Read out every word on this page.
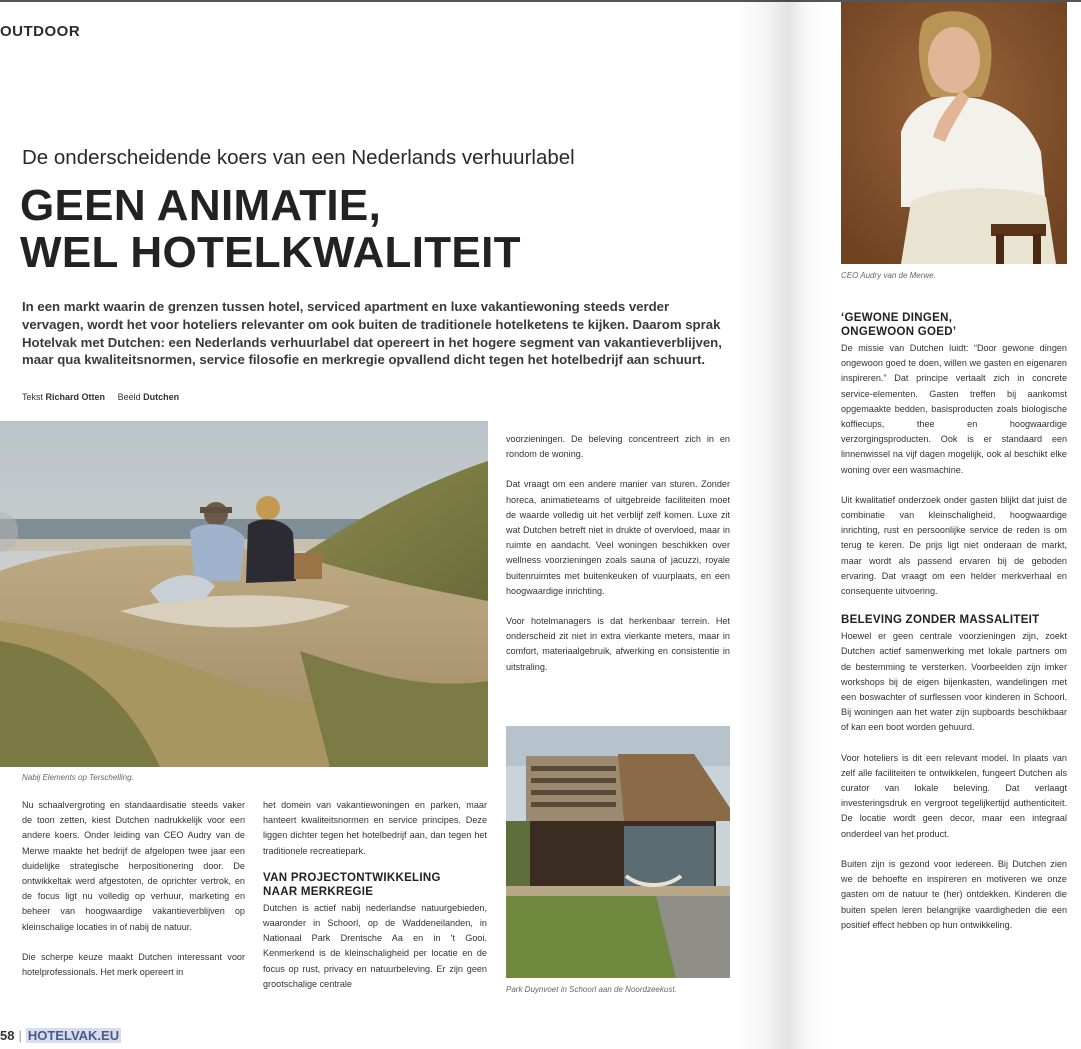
OUTDOOR
De onderscheidende koers van een Nederlands verhuurlabel
GEEN ANIMATIE,
WEL HOTELKWALITEIT
In een markt waarin de grenzen tussen hotel, serviced apartment en luxe vakantiewoning steeds verder vervagen, wordt het voor hoteliers relevanter om ook buiten de traditionele hotelketens te kijken. Daarom sprak Hotelvak met Dutchen: een Nederlands verhuurlabel dat opereert in het hogere segment van vakantieverblijven, maar qua kwaliteitsnormen, service filosofie en merkregie opvallend dicht tegen het hotelbedrijf aan schuurt.
Tekst Richard Otten Beeld Dutchen
Nabij Elements op Terschelling.

Nu schaalvergroting en standaardisatie steeds vaker de toon zetten, kiest Dutchen nadrukkelijk voor een andere koers. Onder leiding van CEO Audry van de Merwe maakte het bedrijf de afgelopen twee jaar een duidelijke strategische herpositionering door. De ontwikkeltak werd afgestoten, de oprichter vertrok, en de focus ligt nu volledig op verhuur, marketing en beheer van hoogwaardige vakantieverblijven op kleinschalige locaties in of nabij de natuur.

Die scherpe keuze maakt Dutchen interessant voor hotelprofessionals. Het merk opereert in

het domein van vakantiewoningen en parken, maar hanteert kwaliteitsnormen en service principes. Deze liggen dichter tegen het hotelbedrijf aan, dan tegen het traditionele recreatiepark.

VAN PROJECTONTWIKKELING
NAAR MERKREGIE

Dutchen is actief nabij nederlandse natuurgebieden, waaronder in Schoorl, op de Waddeneilanden, in Nationaal Park Drentsche Aa en in 't Gooi. Kenmerkend is de kleinschaligheid per locatie en de focus op rust, privacy en natuurbeleving. Er zijn geen grootschalige centrale

voorzieningen. De beleving concentreert zich in en rondom de woning.

Dat vraagt om een andere manier van sturen. Zonder horeca, animatieteams of uitgebreide faciliteiten moet de waarde volledig uit het verblijf zelf komen. Luxe zit wat Dutchen betreft niet in drukte of overvloed, maar in ruimte en aandacht. Veel woningen beschikken over wellness voorzieningen zoals sauna of jacuzzi, royale buitenruimtes met buitenkeuken of vuurplaats, en een hoogwaardige inrichting.

Voor hotelmanagers is dat herkenbaar terrein. Het onderscheid zit niet in extra vierkante meters, maar in comfort, materiaalgebruik, afwerking en consistentie in uitstraling.

Park Duynvoet in Schoorl aan de Noordzeekust.
CEO Audry van de Merwe.
‘GEWONE DINGEN,
ONGEWOON GOED’

De missie van Dutchen luidt: “Door gewone dingen ongewoon goed te doen, willen we gasten en eigenaren inspireren.” Dat principe vertaalt zich in concrete service-elementen. Gasten treffen bij aankomst opgemaakte bedden, basisproducten zoals biologische koffiecups, thee en hoogwaardige verzorgingsproducten. Ook is er standaard een linnenwissel na vijf dagen mogelijk, ook al beschikt elke woning over een wasmachine.

Uit kwalitatief onderzoek onder gasten blijkt dat juist de combinatie van kleinschaligheid, hoogwaardige inrichting, rust en persoonlijke service de reden is om terug te keren. De prijs ligt niet onderaan de markt, maar wordt als passend ervaren bij de geboden ervaring. Dat vraagt om een helder merkverhaal en consequente uitvoering.

BELEVING ZONDER MASSALITEIT

Hoewel er geen centrale voorzieningen zijn, zoekt Dutchen actief samenwerking met lokale partners om de bestemming te versterken. Voorbeelden zijn imker workshops bij de eigen bijenkasten, wandelingen met een boswachter of surflessen voor kinderen in Schoorl. Bij woningen aan het water zijn supboards beschikbaar of kan een boot worden gehuurd.

Voor hoteliers is dit een relevant model. In plaats van zelf alle faciliteiten te ontwikkelen, fungeert Dutchen als curator van lokale beleving. Dat verlaagt investeringsdruk en vergroot tegelijkertijd authenticiteit. De locatie wordt geen decor, maar een integraal onderdeel van het product.

Buiten zijn is gezond voor iedereen. Bij Dutchen zien we de behoefte en inspireren en motiveren we onze gasten om de natuur te (her) ontdekken. Kinderen die buiten spelen leren belangrijke vaardigheden die een positief effect hebben op hun ontwikkeling.

58 | HOTELVAK.EU
